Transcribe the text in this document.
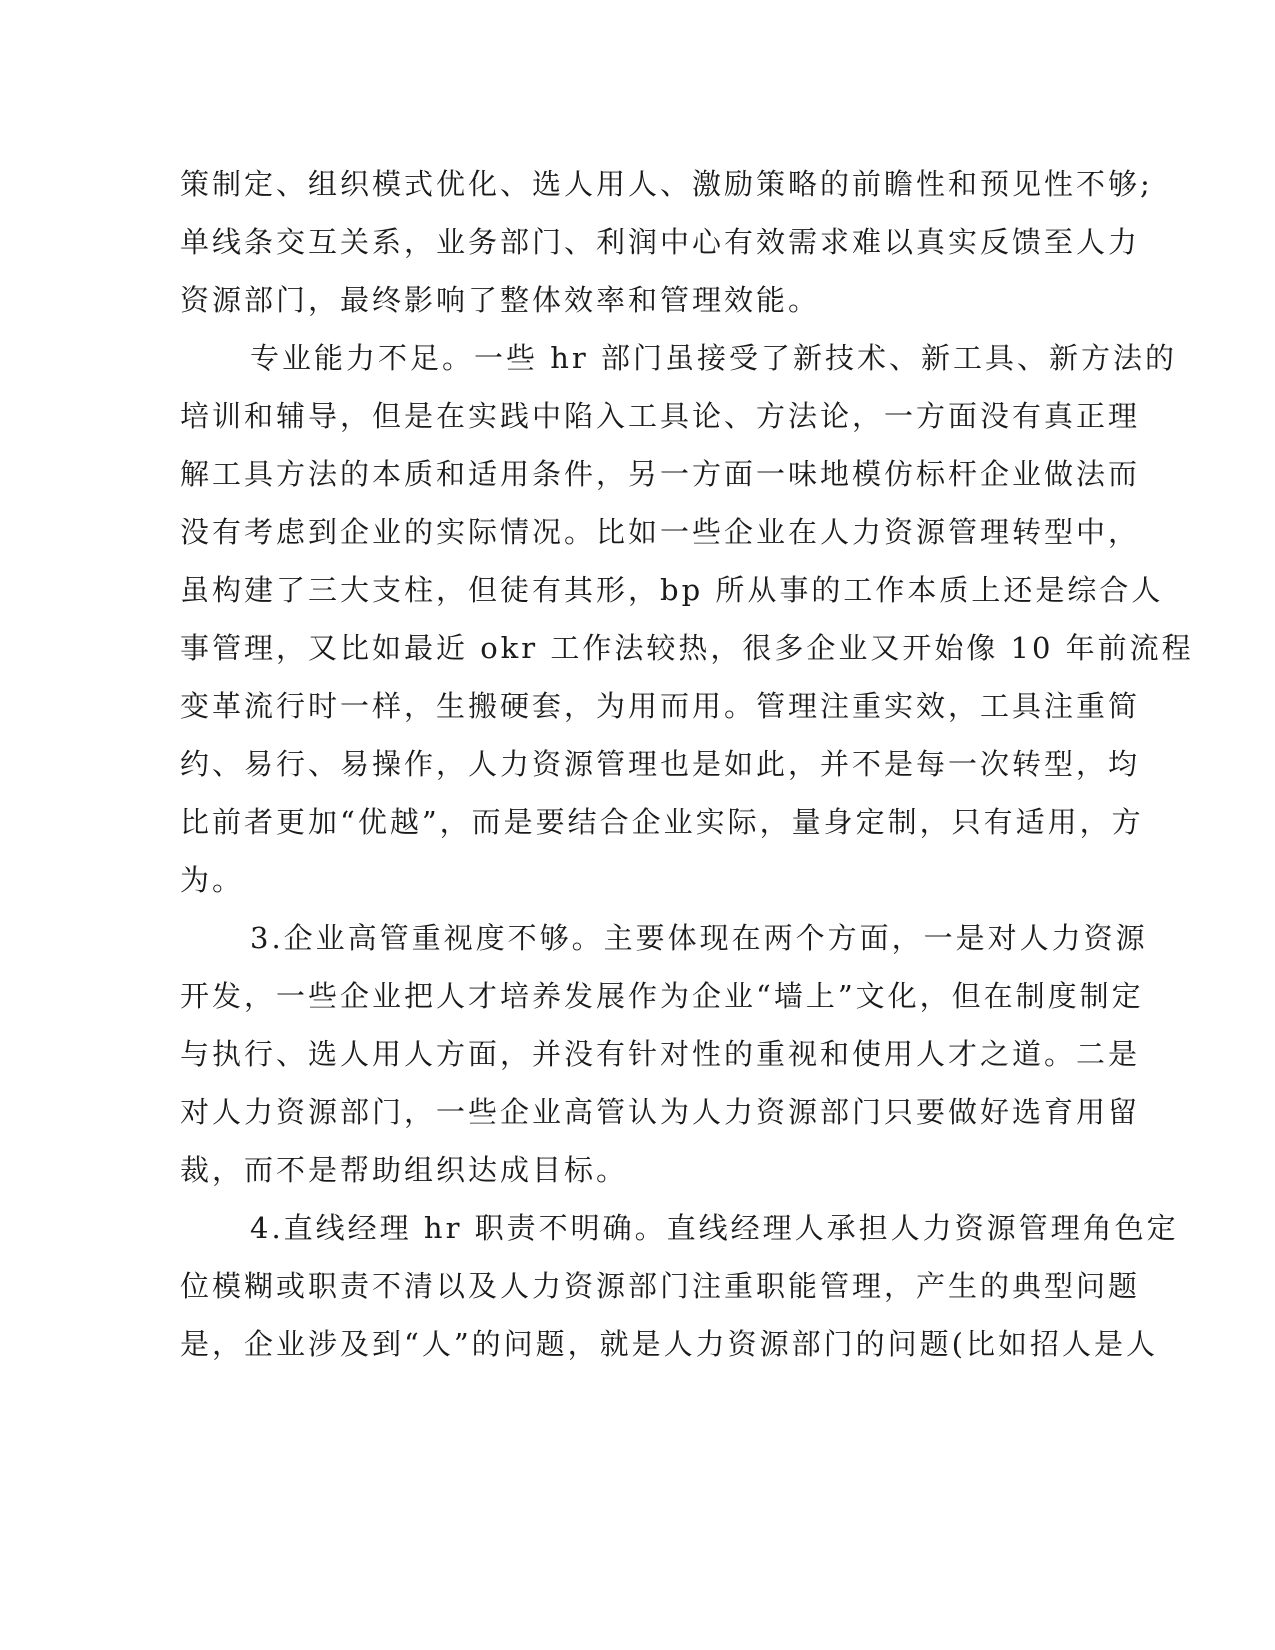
策制定、组织模式优化、选人用人、激励策略的前瞻性和预见性不够;
单线条交互关系，业务部门、利润中心有效需求难以真实反馈至人力
资源部门，最终影响了整体效率和管理效能。
专业能力不足。一些 hr 部门虽接受了新技术、新工具、新方法的
培训和辅导，但是在实践中陷入工具论、方法论，一方面没有真正理
解工具方法的本质和适用条件，另一方面一味地模仿标杆企业做法而
没有考虑到企业的实际情况。比如一些企业在人力资源管理转型中，
虽构建了三大支柱，但徒有其形，bp 所从事的工作本质上还是综合人
事管理，又比如最近 okr 工作法较热，很多企业又开始像 10 年前流程
变革流行时一样，生搬硬套，为用而用。管理注重实效，工具注重简
约、易行、易操作，人力资源管理也是如此，并不是每一次转型，均
比前者更加“优越”，而是要结合企业实际，量身定制，只有适用，方
为。
3.企业高管重视度不够。主要体现在两个方面，一是对人力资源
开发，一些企业把人才培养发展作为企业“墙上”文化，但在制度制定
与执行、选人用人方面，并没有针对性的重视和使用人才之道。二是
对人力资源部门，一些企业高管认为人力资源部门只要做好选育用留
裁，而不是帮助组织达成目标。
4.直线经理 hr 职责不明确。直线经理人承担人力资源管理角色定
位模糊或职责不清以及人力资源部门注重职能管理，产生的典型问题
是，企业涉及到“人”的问题，就是人力资源部门的问题(比如招人是人
